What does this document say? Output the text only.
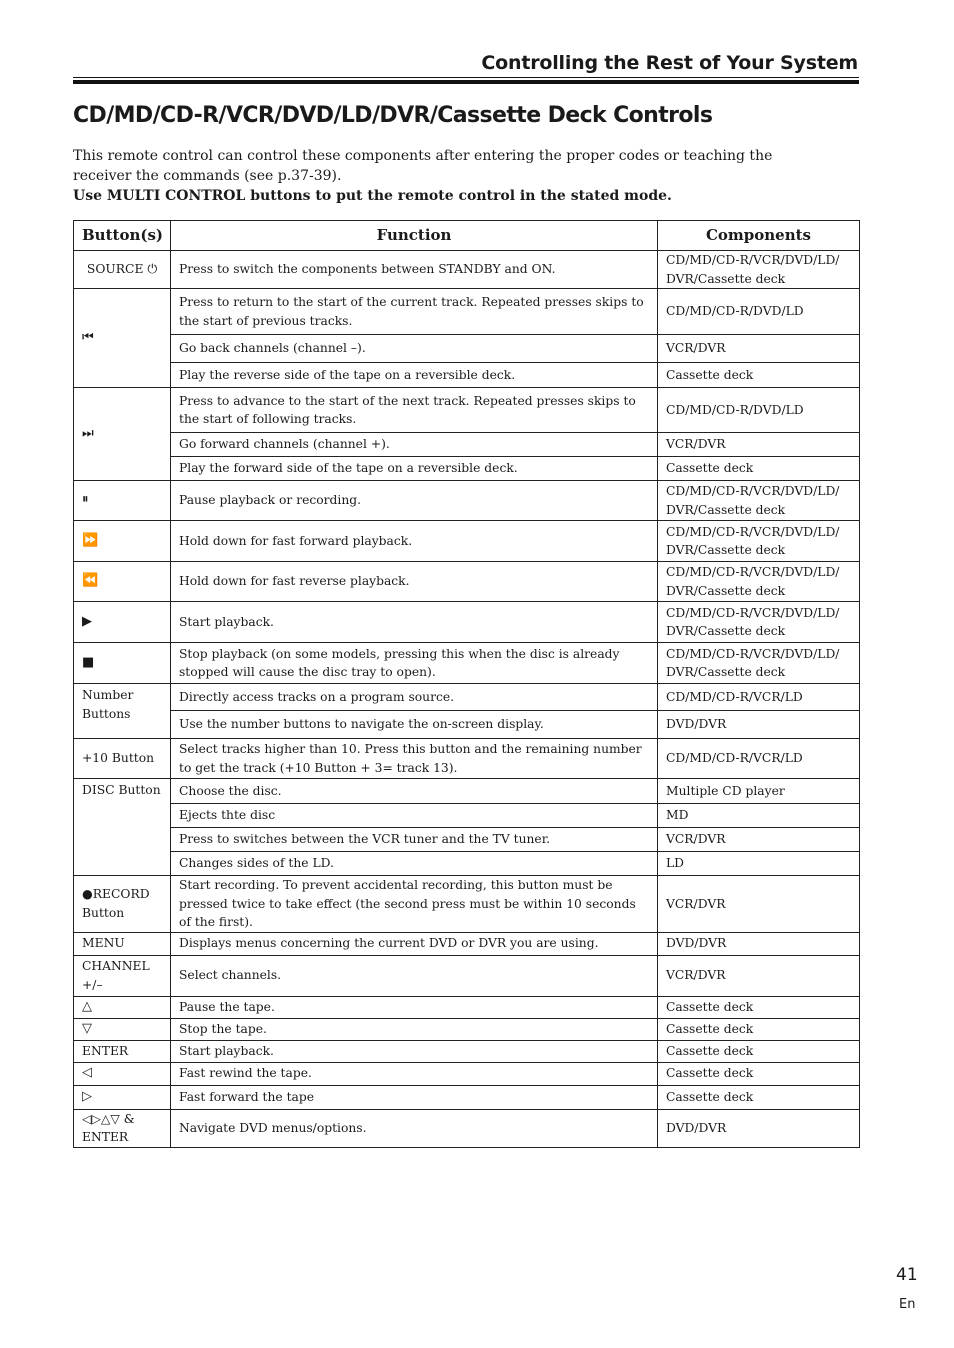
Controlling the Rest of Your System
CD/MD/CD-R/VCR/DVD/LD/DVR/Cassette Deck Controls
This remote control can control these components after entering the proper codes or teaching the receiver the commands (see p.37-39).
Use MULTI CONTROL buttons to put the remote control in the stated mode.
Button(s)	Function	Components
SOURCE ⏻	Press to switch the components between STANDBY and ON.	CD/MD/CD-R/VCR/DVD/LD/ DVR/Cassette deck
⏮	Press to return to the start of the current track. Repeated presses skips to the start of previous tracks.	CD/MD/CD-R/DVD/LD
	Go back channels (channel –).	VCR/DVR
	Play the reverse side of the tape on a reversible deck.	Cassette deck
⏭	Press to advance to the start of the next track. Repeated presses skips to the start of following tracks.	CD/MD/CD-R/DVD/LD
	Go forward channels (channel +).	VCR/DVR
	Play the forward side of the tape on a reversible deck.	Cassette deck
⏸	Pause playback or recording.	CD/MD/CD-R/VCR/DVD/LD/ DVR/Cassette deck
⏩	Hold down for fast forward playback.	CD/MD/CD-R/VCR/DVD/LD/ DVR/Cassette deck
⏪	Hold down for fast reverse playback.	CD/MD/CD-R/VCR/DVD/LD/ DVR/Cassette deck
▶	Start playback.	CD/MD/CD-R/VCR/DVD/LD/ DVR/Cassette deck
■	Stop playback (on some models, pressing this when the disc is already stopped will cause the disc tray to open).	CD/MD/CD-R/VCR/DVD/LD/ DVR/Cassette deck
Number Buttons	Directly access tracks on a program source.	CD/MD/CD-R/VCR/LD
	Use the number buttons to navigate the on-screen display.	DVD/DVR
+10 Button	Select tracks higher than 10. Press this button and the remaining number to get the track (+10 Button + 3= track 13).	CD/MD/CD-R/VCR/LD
DISC Button	Choose the disc.	Multiple CD player
	Ejects thte disc	MD
	Press to switches between the VCR tuner and the TV tuner.	VCR/DVR
	Changes sides of the LD.	LD
●RECORD Button	Start recording. To prevent accidental recording, this button must be pressed twice to take effect (the second press must be within 10 seconds of the first).	VCR/DVR
MENU	Displays menus concerning the current DVD or DVR you are using.	DVD/DVR
CHANNEL +/–	Select channels.	VCR/DVR
△	Pause the tape.	Cassette deck
▽	Stop the tape.	Cassette deck
ENTER	Start playback.	Cassette deck
◁	Fast rewind the tape.	Cassette deck
▷	Fast forward the tape	Cassette deck
◁▷△▽ & ENTER	Navigate DVD menus/options.	DVD/DVR
41
En
